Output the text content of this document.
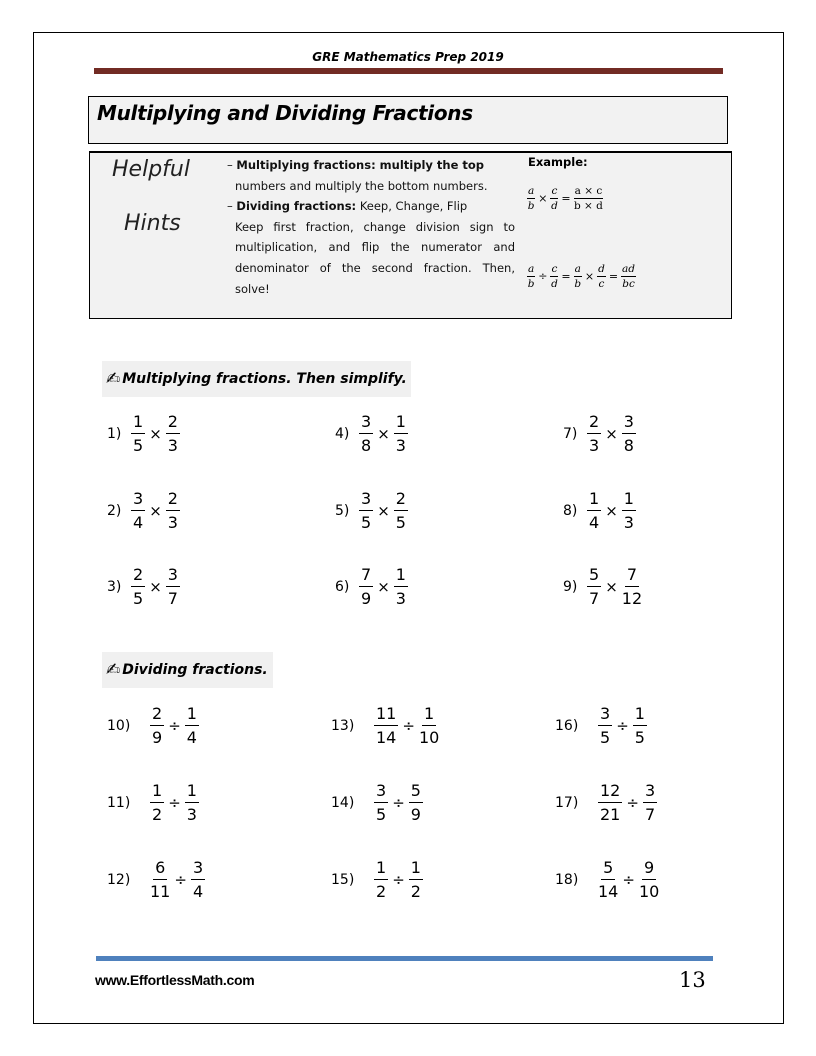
GRE Mathematics Prep 2019
Multiplying and Dividing Fractions
Helpful
Hints
– Multiplying fractions: multiply the top
numbers and multiply the bottom numbers.
– Dividing fractions: Keep, Change, Flip
Keep first fraction, change division sign to multiplication, and flip the numerator and denominator of the second fraction. Then, solve!
Example:
$\frac{a}{b} \times \frac{c}{d} = \frac{a \times c}{b \times d}$
$\frac{a}{b} \div \frac{c}{d} = \frac{a}{b} \times \frac{d}{c} = \frac{ad}{bc}$
✍ Multiplying fractions. Then simplify.
✍ Dividing fractions.
$1) \frac{1}{5} \times \frac{2}{3}$
$2) \frac{3}{4} \times \frac{2}{3}$
$3) \frac{2}{5} \times \frac{3}{7}$
$4) \frac{3}{8} \times \frac{1}{3}$
$5) \frac{3}{5} \times \frac{2}{5}$
$6) \frac{7}{9} \times \frac{1}{3}$
$7) \frac{2}{3} \times \frac{3}{8}$
$8) \frac{1}{4} \times \frac{1}{3}$
$9) \frac{5}{7} \times \frac{7}{12}$
10)	$\frac{2}{9} \div \frac{1}{4}$
11)	$\frac{1}{2} \div \frac{1}{3}$
12)	$\frac{6}{11} \div \frac{3}{4}$
13)	$\frac{11}{14} \div \frac{1}{10}$
14)	$\frac{3}{5} \div \frac{5}{9}$
15)	$\frac{1}{2} \div \frac{1}{2}$
16)	$\frac{3}{5} \div \frac{1}{5}$
17)	$\frac{12}{21} \div \frac{3}{7}$
18)	$\frac{5}{14} \div \frac{9}{10}$
www.EffortlessMath.com	13
